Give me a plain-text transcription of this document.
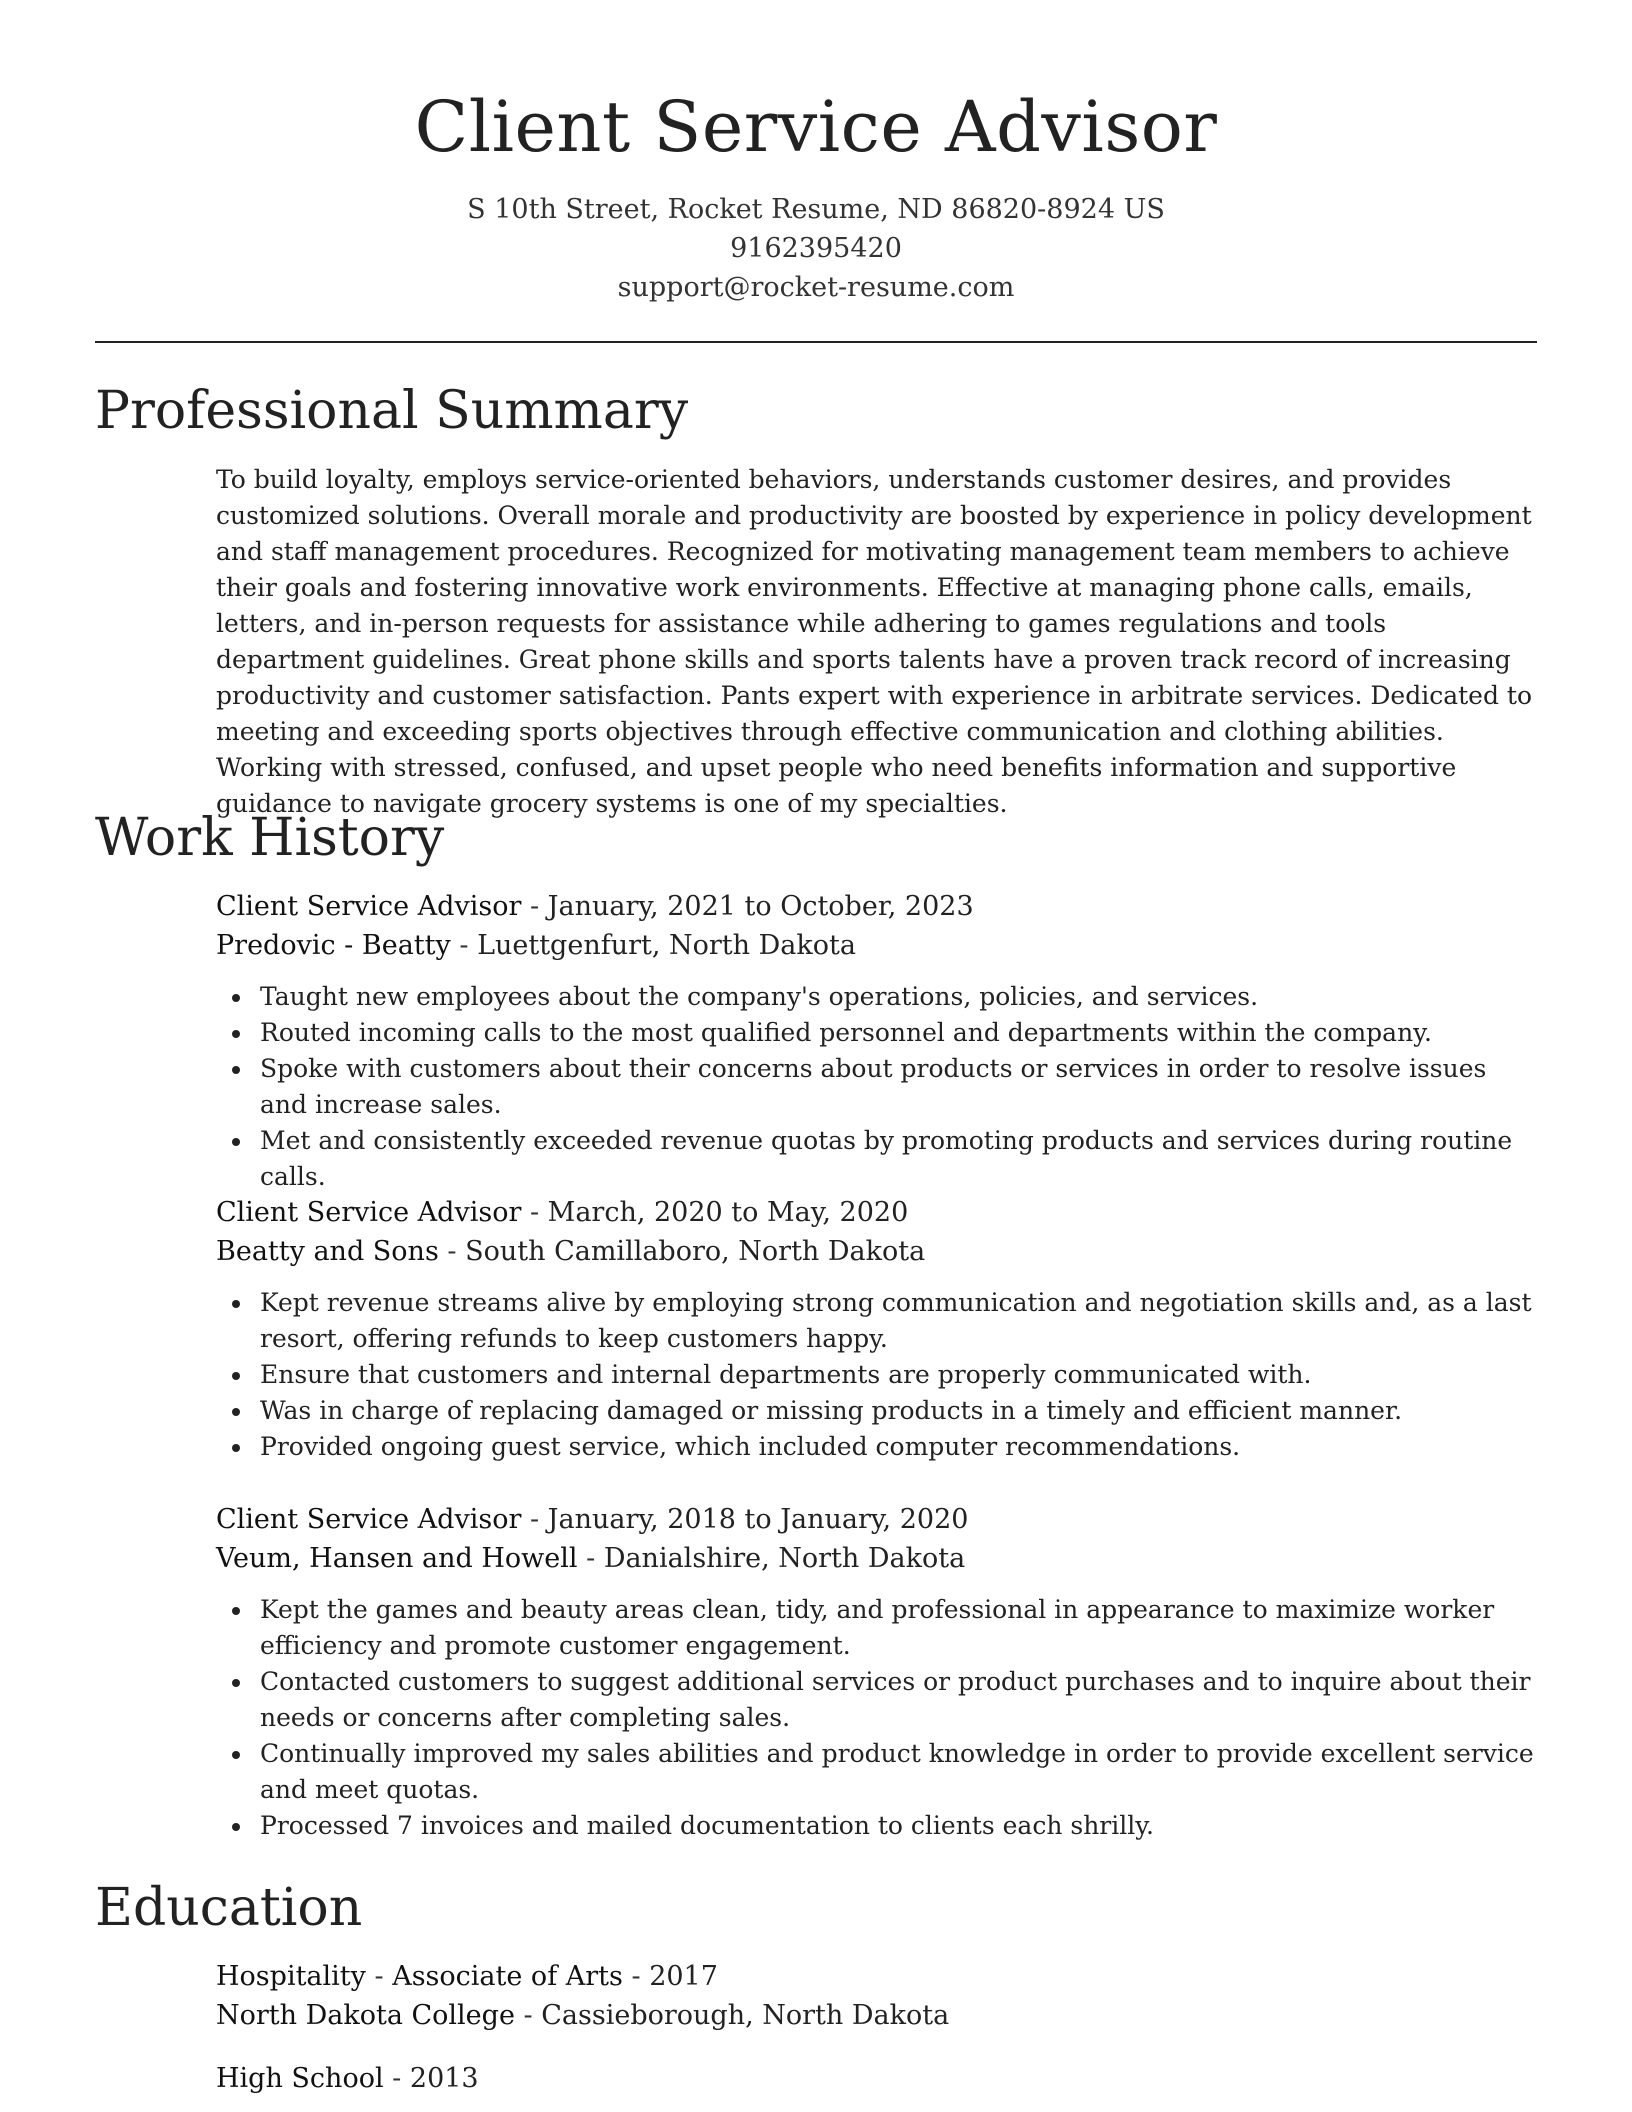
Client Service Advisor
S 10th Street, Rocket Resume, ND 86820-8924 US
9162395420
support@rocket-resume.com
Professional Summary
To build loyalty, employs service-oriented behaviors, understands customer desires, and provides customized solutions. Overall morale and productivity are boosted by experience in policy development and staff management procedures. Recognized for motivating management team members to achieve their goals and fostering innovative work environments. Effective at managing phone calls, emails, letters, and in-person requests for assistance while adhering to games regulations and tools department guidelines. Great phone skills and sports talents have a proven track record of increasing productivity and customer satisfaction. Pants expert with experience in arbitrate services. Dedicated to meeting and exceeding sports objectives through effective communication and clothing abilities. Working with stressed, confused, and upset people who need benefits information and supportive guidance to navigate grocery systems is one of my specialties.
Work History
Client Service Advisor - January, 2021 to October, 2023
Predovic - Beatty - Luettgenfurt, North Dakota
Taught new employees about the company's operations, policies, and services.
Routed incoming calls to the most qualified personnel and departments within the company.
Spoke with customers about their concerns about products or services in order to resolve issues and increase sales.
Met and consistently exceeded revenue quotas by promoting products and services during routine calls.
Client Service Advisor - March, 2020 to May, 2020
Beatty and Sons - South Camillaboro, North Dakota
Kept revenue streams alive by employing strong communication and negotiation skills and, as a last resort, offering refunds to keep customers happy.
Ensure that customers and internal departments are properly communicated with.
Was in charge of replacing damaged or missing products in a timely and efficient manner.
Provided ongoing guest service, which included computer recommendations.
Client Service Advisor - January, 2018 to January, 2020
Veum, Hansen and Howell - Danialshire, North Dakota
Kept the games and beauty areas clean, tidy, and professional in appearance to maximize worker efficiency and promote customer engagement.
Contacted customers to suggest additional services or product purchases and to inquire about their needs or concerns after completing sales.
Continually improved my sales abilities and product knowledge in order to provide excellent service and meet quotas.
Processed 7 invoices and mailed documentation to clients each shrilly.
Education
Hospitality - Associate of Arts - 2017
North Dakota College - Cassieborough, North Dakota
High School - 2013
